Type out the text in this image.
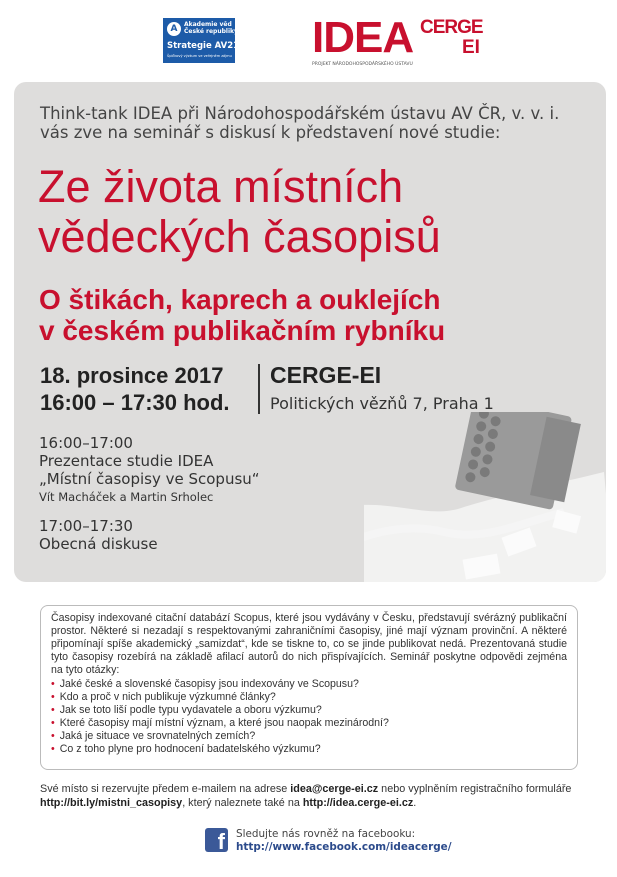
A	Akademie věd
České republiky
Strategie AV21
Špičkový výzkum ve veřejném zájmu IDEA CERGE
EI
PROJEKT NÁRODOHOSPODÁŘSKÉHO ÚSTAVU
Think-tank IDEA při Národohospodářském ústavu AV ČR, v. v. i.
vás zve na seminář s diskusí k představení nové studie:
Ze života místních
vědeckých časopisů
O štikách, kaprech a ouklejích
v českém publikačním rybníku
18. prosince 2017
16:00 – 17:30 hod.
CERGE-EI
Politických vězňů 7, Praha 1
16:00–17:00
Prezentace studie IDEA
„Místní časopisy ve Scopusu“
Vít Macháček a Martin Srholec
17:00–17:30
Obecná diskuse

Časopisy indexované citační databází Scopus, které jsou vydávány v Česku, představují svérázný publikační prostor. Některé si nezadají s respektovanými zahraničními časopisy, jiné mají význam provinční. A některé připomínají spíše akademický „samizdat“, kde se tiskne to, co se jinde publikovat nedá. Prezentovaná studie tyto časopisy rozebírá na základě afilací autorů do nich přispívajících. Seminář poskytne odpovědi zejména na tyto otázky:

• Jaké české a slovenské časopisy jsou indexovány ve Scopusu?
• Kdo a proč v nich publikuje výzkumné články?
• Jak se toto liší podle typu vydavatele a oboru výzkumu?
• Které časopisy mají místní význam, a které jsou naopak mezinárodní?
• Jaká je situace ve srovnatelných zemích?
• Co z toho plyne pro hodnocení badatelského výzkumu?
Své místo si rezervujte předem e-mailem na adrese idea@cerge-ei.cz nebo vyplněním registračního formuláře http://bit.ly/mistni_casopisy, který naleznete také na http://idea.cerge-ei.cz.
f Sledujte nás rovněž na facebooku:
http://www.facebook.com/ideacerge/
